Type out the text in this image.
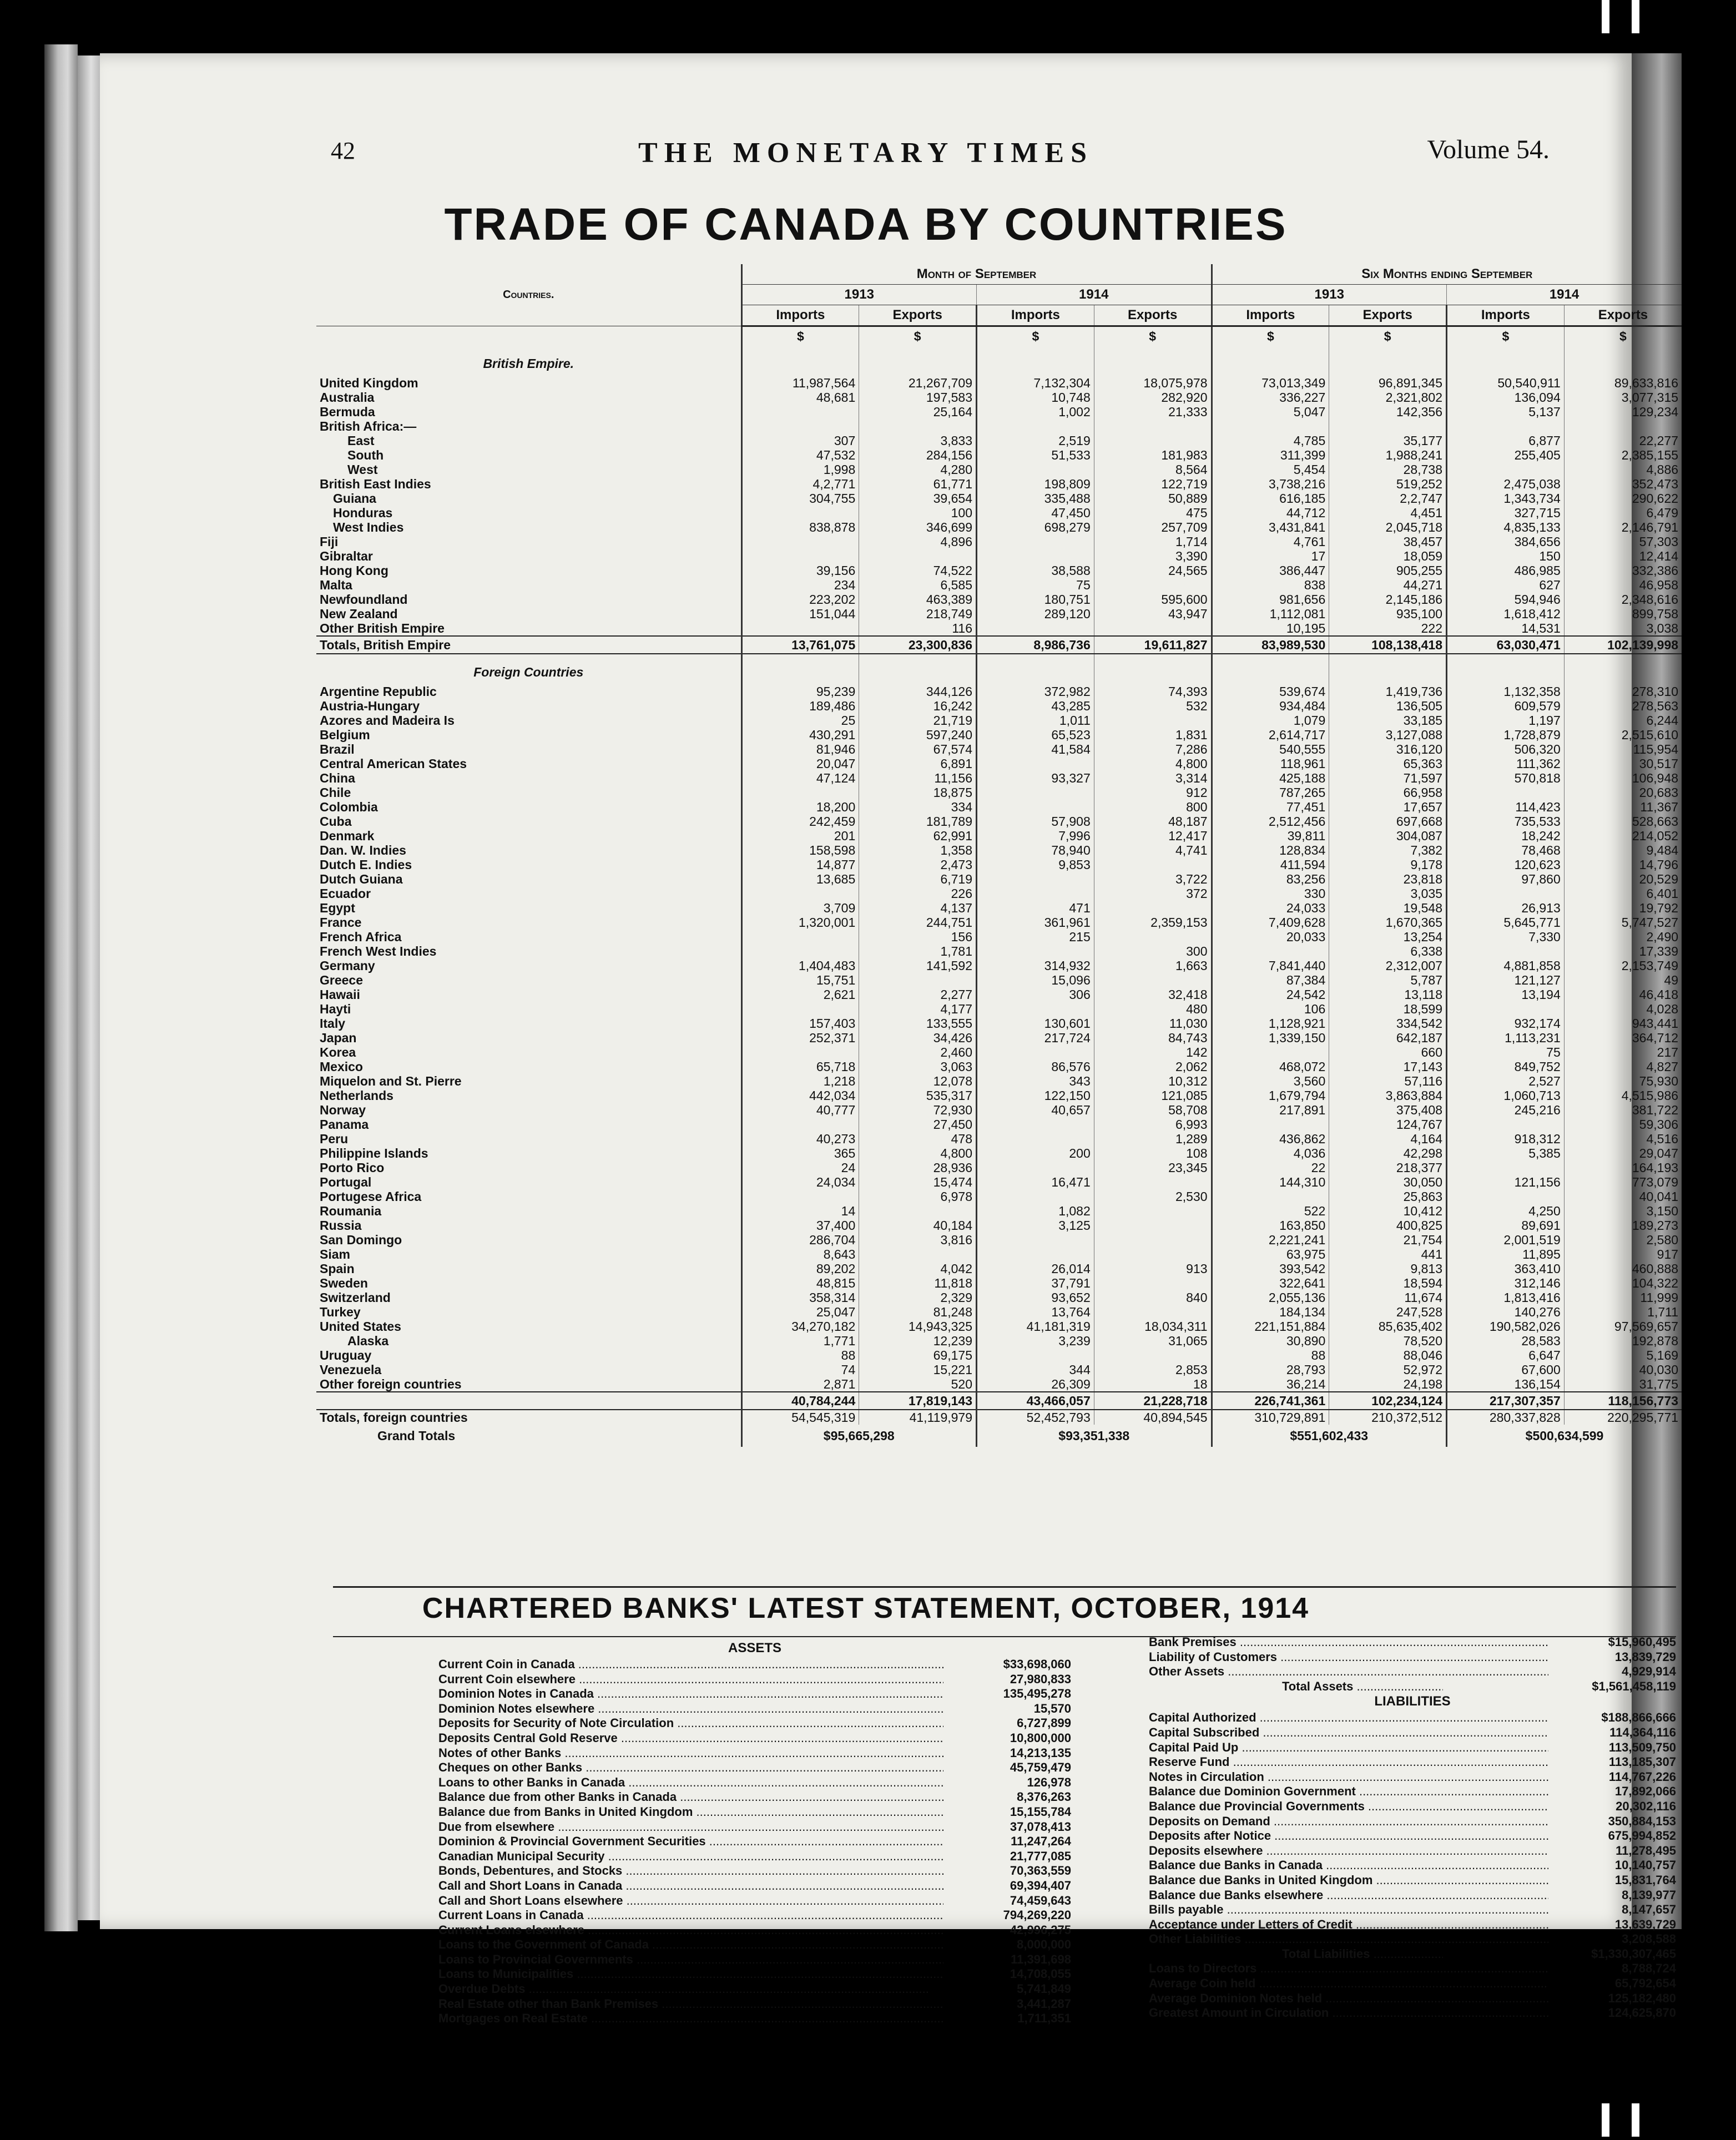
42	THE MONETARY TIMES	Volume 54.
TRADE OF CANADA BY COUNTRIES
Countries.	Month of September				Six Months ending September			
	1913		1914		1913		1914	
	Imports	Exports	Imports	Exports	Imports	Exports	Imports	Exports
	$	$	$	$	$	$	$	$
British Empire.								
United Kingdom	11,987,564	21,267,709	7,132,304	18,075,978	73,013,349	96,891,345	50,540,911	89,633,816
Australia	48,681	197,583	10,748	282,920	336,227	2,321,802	136,094	3,077,315
Bermuda		25,164	1,002	21,333	5,047	142,356	5,137	129,234
British Africa:—								
East	307	3,833	2,519		4,785	35,177	6,877	22,277
South	47,532	284,156	51,533	181,983	311,399	1,988,241	255,405	2,385,155
West	1,998	4,280		8,564	5,454	28,738		4,886
British East Indies	4,2,771	61,771	198,809	122,719	3,738,216	519,252	2,475,038	352,473
Guiana	304,755	39,654	335,488	50,889	616,185	2,2,747	1,343,734	290,622
Honduras		100	47,450	475	44,712	4,451	327,715	6,479
West Indies	838,878	346,699	698,279	257,709	3,431,841	2,045,718	4,835,133	2,146,791
Fiji		4,896		1,714	4,761	38,457	384,656	57,303
Gibraltar				3,390	17	18,059	150	12,414
Hong Kong	39,156	74,522	38,588	24,565	386,447	905,255	486,985	332,386
Malta	234	6,585	75		838	44,271	627	46,958
Newfoundland	223,202	463,389	180,751	595,600	981,656	2,145,186	594,946	2,348,616
New Zealand	151,044	218,749	289,120	43,947	1,112,081	935,100	1,618,412	899,758
Other British Empire		116			10,195	222	14,531	3,038
Totals, British Empire	13,761,075	23,300,836	8,986,736	19,611,827	83,989,530	108,138,418	63,030,471	102,139,998
Foreign Countries								
Argentine Republic	95,239	344,126	372,982	74,393	539,674	1,419,736	1,132,358	278,310
Austria-Hungary	189,486	16,242	43,285	532	934,484	136,505	609,579	278,563
Azores and Madeira Is	25	21,719	1,011		1,079	33,185	1,197	6,244
Belgium	430,291	597,240	65,523	1,831	2,614,717	3,127,088	1,728,879	2,515,610
Brazil	81,946	67,574	41,584	7,286	540,555	316,120	506,320	115,954
Central American States	20,047	6,891		4,800	118,961	65,363	111,362	30,517
China	47,124	11,156	93,327	3,314	425,188	71,597	570,818	106,948
Chile		18,875		912	787,265	66,958		20,683
Colombia	18,200	334		800	77,451	17,657	114,423	11,367
Cuba	242,459	181,789	57,908	48,187	2,512,456	697,668	735,533	528,663
Denmark	201	62,991	7,996	12,417	39,811	304,087	18,242	214,052
Dan. W. Indies	158,598	1,358	78,940	4,741	128,834	7,382	78,468	9,484
Dutch E. Indies	14,877	2,473	9,853		411,594	9,178	120,623	14,796
Dutch Guiana	13,685	6,719		3,722	83,256	23,818	97,860	20,529
Ecuador		226		372	330	3,035		6,401
Egypt	3,709	4,137	471		24,033	19,548	26,913	19,792
France	1,320,001	244,751	361,961	2,359,153	7,409,628	1,670,365	5,645,771	5,747,527
French Africa		156	215		20,033	13,254	7,330	2,490
French West Indies		1,781		300		6,338		17,339
Germany	1,404,483	141,592	314,932	1,663	7,841,440	2,312,007	4,881,858	2,153,749
Greece	15,751		15,096		87,384	5,787	121,127	49
Hawaii	2,621	2,277	306	32,418	24,542	13,118	13,194	46,418
Hayti		4,177		480	106	18,599		4,028
Italy	157,403	133,555	130,601	11,030	1,128,921	334,542	932,174	943,441
Japan	252,371	34,426	217,724	84,743	1,339,150	642,187	1,113,231	364,712
Korea		2,460		142		660	75	217
Mexico	65,718	3,063	86,576	2,062	468,072	17,143	849,752	4,827
Miquelon and St. Pierre	1,218	12,078	343	10,312	3,560	57,116	2,527	75,930
Netherlands	442,034	535,317	122,150	121,085	1,679,794	3,863,884	1,060,713	4,515,986
Norway	40,777	72,930	40,657	58,708	217,891	375,408	245,216	381,722
Panama		27,450		6,993		124,767		59,306
Peru	40,273	478		1,289	436,862	4,164	918,312	4,516
Philippine Islands	365	4,800	200	108	4,036	42,298	5,385	29,047
Porto Rico	24	28,936		23,345	22	218,377		164,193
Portugal	24,034	15,474	16,471		144,310	30,050	121,156	773,079
Portugese Africa		6,978		2,530		25,863		40,041
Roumania	14		1,082		522	10,412	4,250	3,150
Russia	37,400	40,184	3,125		163,850	400,825	89,691	189,273
San Domingo	286,704	3,816			2,221,241	21,754	2,001,519	2,580
Siam	8,643				63,975	441	11,895	917
Spain	89,202	4,042	26,014	913	393,542	9,813	363,410	460,888
Sweden	48,815	11,818	37,791		322,641	18,594	312,146	104,322
Switzerland	358,314	2,329	93,652	840	2,055,136	11,674	1,813,416	11,999
Turkey	25,047	81,248	13,764		184,134	247,528	140,276	1,711
United States	34,270,182	14,943,325	41,181,319	18,034,311	221,151,884	85,635,402	190,582,026	97,569,657
Alaska	1,771	12,239	3,239	31,065	30,890	78,520	28,583	192,878
Uruguay	88	69,175			88	88,046	6,647	5,169
Venezuela	74	15,221	344	2,853	28,793	52,972	67,600	40,030
Other foreign countries	2,871	520	26,309	18	36,214	24,198	136,154	31,775
	40,784,244	17,819,143	43,466,057	21,228,718	226,741,361	102,234,124	217,307,357	118,156,773
Totals, foreign countries	54,545,319	41,119,979	52,452,793	40,894,545	310,729,891	210,372,512	280,337,828	220,295,771
Grand Totals	$95,665,298		$93,351,338		$551,602,433		$500,634,599	
CHARTERED BANKS' LATEST STATEMENT, OCTOBER, 1914
ASSETS
Current Coin in Canada .....	$33,698,060
Current Coin elsewhere .....	27,980,833
Dominion Notes in Canada .....	135,495,278
Dominion Notes elsewhere .....	15,570
Deposits for Security of Note Circulation .....	6,727,899
Deposits Central Gold Reserve .....	10,800,000
Notes of other Banks .....	14,213,135
Cheques on other Banks .....	45,759,479
Loans to other Banks in Canada .....	126,978
Balance due from other Banks in Canada .....	8,376,263
Balance due from Banks in United Kingdom .....	15,155,784
Due from elsewhere .....	37,078,413
Dominion & Provincial Government Securities .....	11,247,264
Canadian Municipal Security .....	21,777,085
Bonds, Debentures, and Stocks .....	70,363,559
Call and Short Loans in Canada .....	69,394,407
Call and Short Loans elsewhere .....	74,459,643
Current Loans in Canada .....	794,269,220
Current Loans elsewhere .....	42,996,275
Loans to the Government of Canada .....	8,000,000
Loans to Provincial Governments .....	11,391,698
Loans to Municipalities .....	14,708,055
Overdue Debts .....	5,741,849
Real Estate other than Bank Premises .....	3,441,287
Mortgages on Real Estate .....	1,711,351
Bank Premises .....	$15,960,495
Liability of Customers .....	13,839,729
Other Assets .....	4,929,914
Total Assets .....	$1,561,458,119
LIABILITIES
Capital Authorized .....	$188,866,666
Capital Subscribed .....	114,364,116
Capital Paid Up .....	113,509,750
Reserve Fund .....	113,185,307
Notes in Circulation .....	114,767,226
Balance due Dominion Government .....	17,892,066
Balance due Provincial Governments .....	20,302,116
Deposits on Demand .....	350,884,153
Deposits after Notice .....	675,994,852
Deposits elsewhere .....	11,278,495
Balance due Banks in Canada .....	10,140,757
Balance due Banks in United Kingdom .....	15,831,764
Balance due Banks elsewhere .....	8,139,977
Bills payable .....	8,147,657
Acceptance under Letters of Credit .....	13,639,729
Other Liabilities .....	3,208,588
Total Liabilities .....	$1,330,307,465
Loans to Directors .....	8,788,724
Average Coin held .....	65,792,654
Average Dominion Notes held .....	125,182,480
Greatest Amount in Circulation .....	124,625,870
